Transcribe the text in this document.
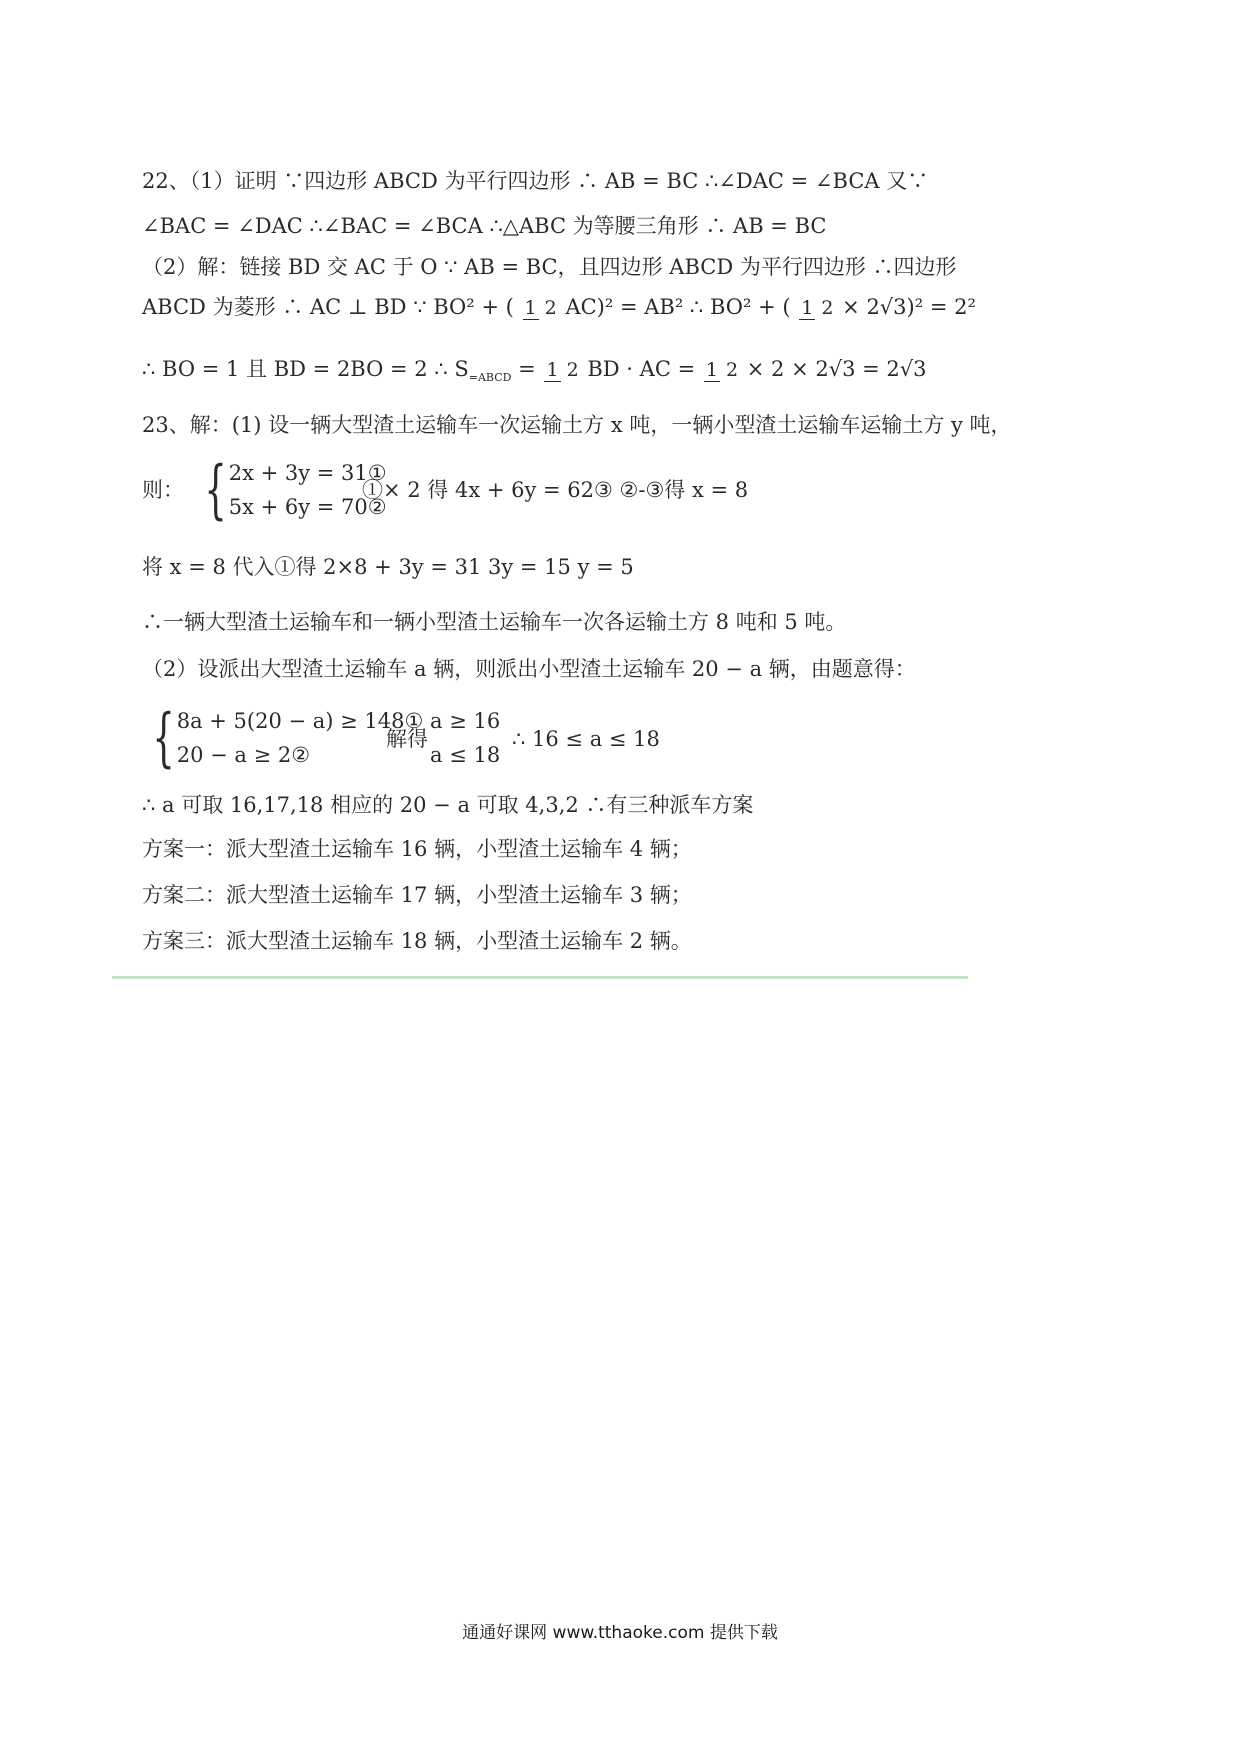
22、（1）证明 ∵四边形 ABCD 为平行四边形 ∴ AB = BC ∴∠DAC = ∠BCA 又∵
∠BAC = ∠DAC ∴∠BAC = ∠BCA ∴△ABC 为等腰三角形 ∴ AB = BC
（2）解：链接 BD 交 AC 于 O ∵ AB = BC，且四边形 ABCD 为平行四边形 ∴四边形
ABCD 为菱形 ∴ AC ⊥ BD ∵ BO² + ( 1 2 AC)² = AB² ∴ BO² + ( 1 2 × 2√3)² = 2²
∴ BO = 1 且 BD = 2BO = 2 ∴ $S_{=ABCD} = 1$ 2 BD · AC = 1 2 × 2 × 2√3 = 2√3
23、解：(1) 设一辆大型渣土运输车一次运输土方 x 吨，一辆小型渣土运输车运输土方 y 吨，
则： { 2x + 3y = 31①
5x + 6y = 70②
①× 2 得 4x + 6y = 62③ ②-③得 x = 8
将 x = 8 代入①得 2×8 + 3y = 31 3y = 15 y = 5
∴一辆大型渣土运输车和一辆小型渣土运输车一次各运输土方 8 吨和 5 吨。
（2）设派出大型渣土运输车 a 辆，则派出小型渣土运输车 20 − a 辆，由题意得：
{ 8a + 5(20 − a) ≥ 148①
20 − a ≥ 2②
解得
a ≥ 16
a ≤ 18
∴ 16 ≤ a ≤ 18
∴ a 可取 16,17,18 相应的 20 − a 可取 4,3,2 ∴有三种派车方案
方案一：派大型渣土运输车 16 辆，小型渣土运输车 4 辆；
方案二：派大型渣土运输车 17 辆，小型渣土运输车 3 辆；
方案三：派大型渣土运输车 18 辆，小型渣土运输车 2 辆。
通通好课网 www.tthaoke.com 提供下载
